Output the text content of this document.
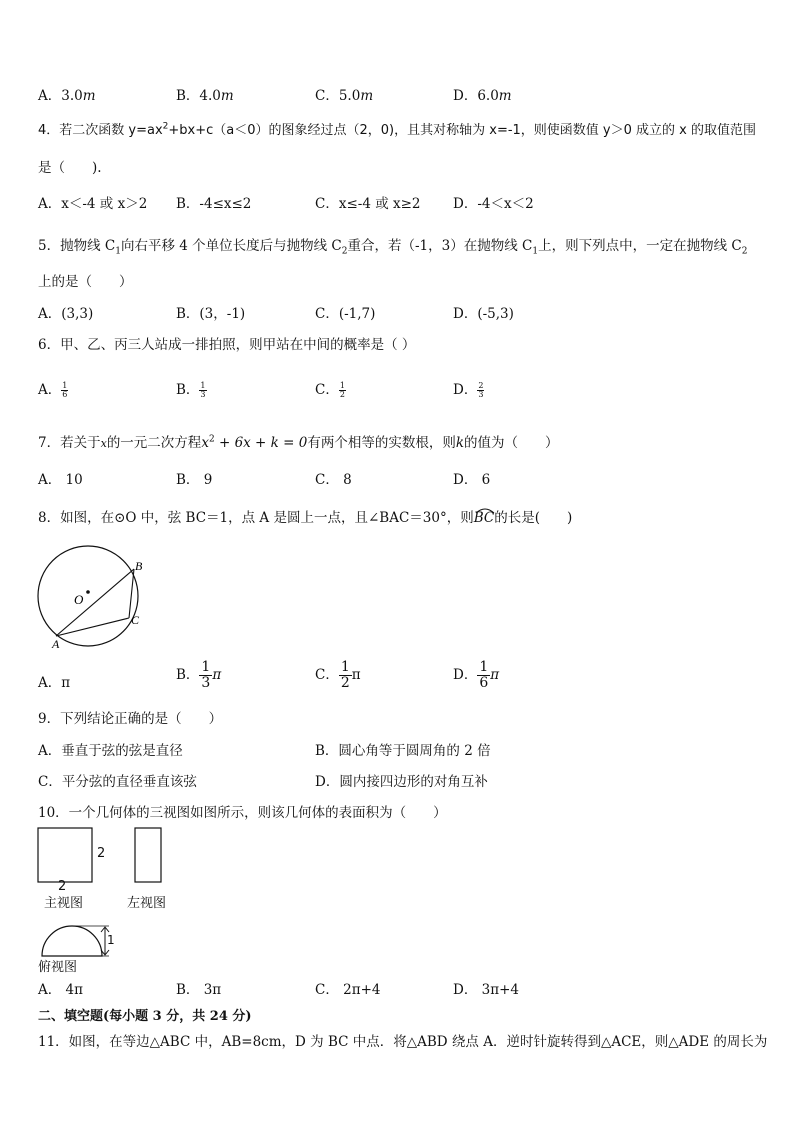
A．3.0m	B．4.0m	C．5.0m	D．6.0m
4．若二次函数 $y=ax^2+bx+c(a<0)$的图象经过点（2，0)，且其对称轴为 x=-1，则使函数值 y＞0 成立的 x 的取值范围
是（　　).
A．x＜-4 或 x＞2 B．-4≤x≤2	C．x≤-4 或 x≥2 D．-4＜x＜2
5．抛物线 $C_1$向右平移 4 个单位长度后与抛物线 $C_2$重合，若（-1，3）在抛物线 $C_1$上，则下列点中，一定在抛物线 $C_2$
上的是（　　）
A．(3,3)	B．(3，-1)	C．(-1,7)	D．(-5,3)
6．甲、乙、丙三人站成一排拍照，则甲站在中间的概率是（ ）
A． $\frac{1}{6}$	B． $\frac{1}{3}$	C． $\frac{1}{2}$	D． $\frac{2}{3}$
7．若关于x的一元二次方程$x^2 + 6x + k = 0$有两个相等的实数根，则k的值为（　　）
A． 10	B． 9	C． 8	D． 6
8．如图，在⊙O 中，弦 BC＝1，点 A 是圆上一点，且∠BAC＝30°，则BC
的长是(　　)
O
A
B
C
A．π	B． $\frac{1}{3}$ π	C． $\frac{1}{2}$ π	D． $\frac{1}{6}$ π
9．下列结论正确的是（　　）
A．垂直于弦的弦是直径	B．圆心角等于圆周角的 2 倍
C．平分弦的直径垂直该弦	D．圆内接四边形的对角互补
10．一个几何体的三视图如图所示，则该几何体的表面积为（　　）
2
2
主视图	左视图
1
俯视图
A． 4π	B． 3π	C． 2π+4	D． 3π+4
二、填空题(每小题 3 分，共 24 分)
11．如图，在等边△ABC 中，AB=8cm，D 为 BC 中点．将△ABD 绕点 A．逆时针旋转得到△ACE，则△ADE 的周长为
